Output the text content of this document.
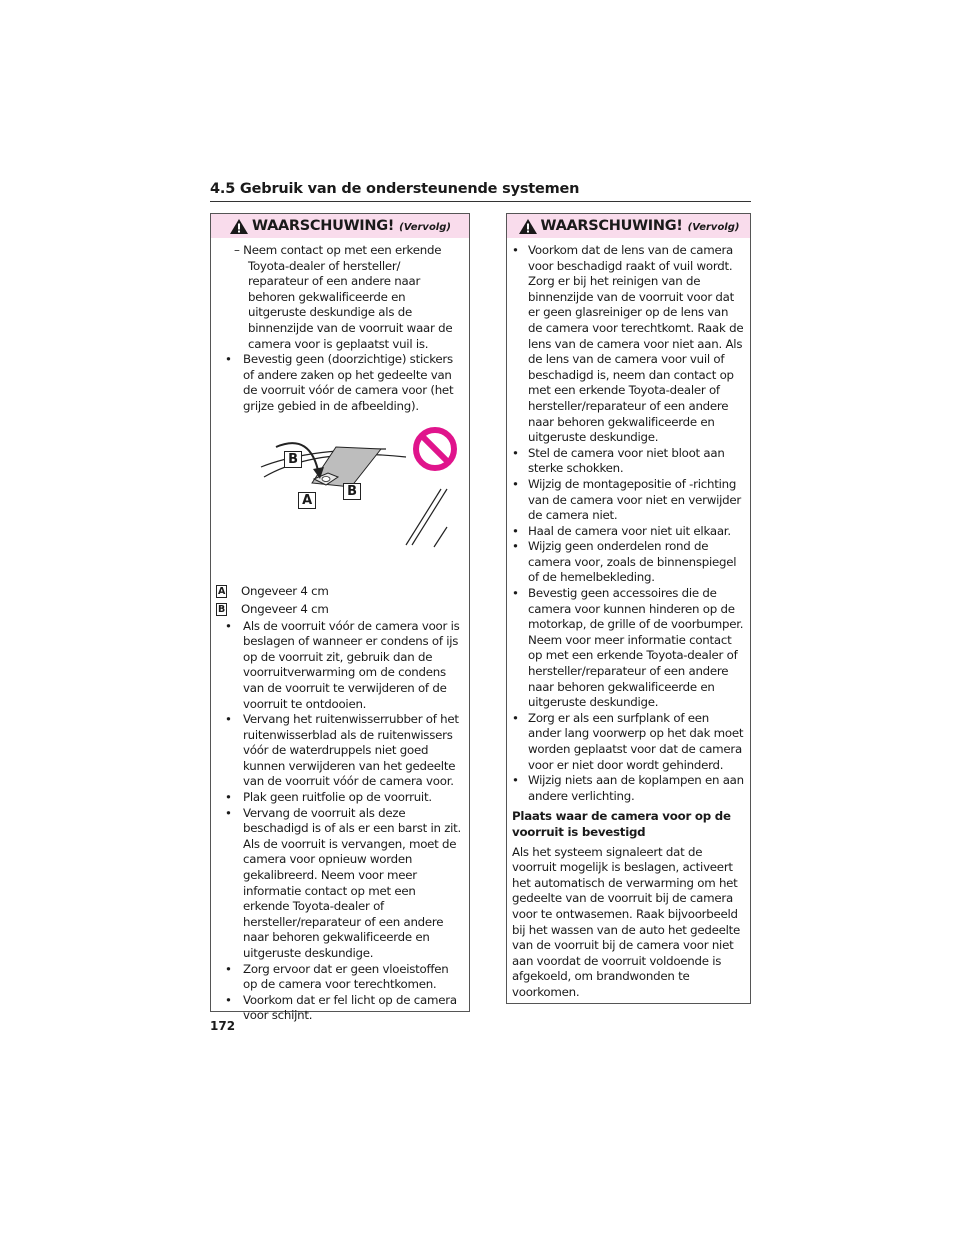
4.5 Gebruik van de ondersteunende systemen
WAARSCHUWING! (Vervolg)
– Neem contact op met een erkende Toyota-dealer of hersteller/ reparateur of een andere naar behoren gekwalificeerde en uitgeruste deskundige als de binnenzijde van de voorruit waar de camera voor is geplaatst vuil is.
• Bevestig geen (doorzichtige) stickers of andere zaken op het gedeelte van de voorruit vóór de camera voor (het grijze gebied in de afbeelding).
B
B
A
A Ongeveer 4 cm
B Ongeveer 4 cm
• Als de voorruit vóór de camera voor is beslagen of wanneer er condens of ijs op de voorruit zit, gebruik dan de voorruitverwarming om de condens van de voorruit te verwijderen of de voorruit te ontdooien.
• Vervang het ruitenwisserrubber of het ruitenwisserblad als de ruitenwissers vóór de waterdruppels niet goed kunnen verwijderen van het gedeelte van de voorruit vóór de camera voor.
• Plak geen ruitfolie op de voorruit.
• Vervang de voorruit als deze beschadigd is of als er een barst in zit. Als de voorruit is vervangen, moet de camera voor opnieuw worden gekalibreerd. Neem voor meer informatie contact op met een erkende Toyota-dealer of hersteller/reparateur of een andere naar behoren gekwalificeerde en uitgeruste deskundige.
• Zorg ervoor dat er geen vloeistoffen op de camera voor terechtkomen.
• Voorkom dat er fel licht op de camera voor schijnt.
WAARSCHUWING! (Vervolg)
• Voorkom dat de lens van de camera voor beschadigd raakt of vuil wordt. Zorg er bij het reinigen van de binnenzijde van de voorruit voor dat er geen glasreiniger op de lens van de camera voor terechtkomt. Raak de lens van de camera voor niet aan. Als de lens van de camera voor vuil of beschadigd is, neem dan contact op met een erkende Toyota-dealer of hersteller/reparateur of een andere naar behoren gekwalificeerde en uitgeruste deskundige.
• Stel de camera voor niet bloot aan sterke schokken.
• Wijzig de montagepositie of -richting van de camera voor niet en verwijder de camera niet.
• Haal de camera voor niet uit elkaar.
• Wijzig geen onderdelen rond de camera voor, zoals de binnenspiegel of de hemelbekleding.
• Bevestig geen accessoires die de camera voor kunnen hinderen op de motorkap, de grille of de voorbumper. Neem voor meer informatie contact op met een erkende Toyota-dealer of hersteller/reparateur of een andere naar behoren gekwalificeerde en uitgeruste deskundige.
• Zorg er als een surfplank of een ander lang voorwerp op het dak moet worden geplaatst voor dat de camera voor er niet door wordt gehinderd.
• Wijzig niets aan de koplampen en aan andere verlichting.
Plaats waar de camera voor op de voorruit is bevestigd
Als het systeem signaleert dat de voorruit mogelijk is beslagen, activeert het automatisch de verwarming om het gedeelte van de voorruit bij de camera voor te ontwasemen. Raak bijvoorbeeld bij het wassen van de auto het gedeelte van de voorruit bij de camera voor niet aan voordat de voorruit voldoende is afgekoeld, om brandwonden te voorkomen.
172
